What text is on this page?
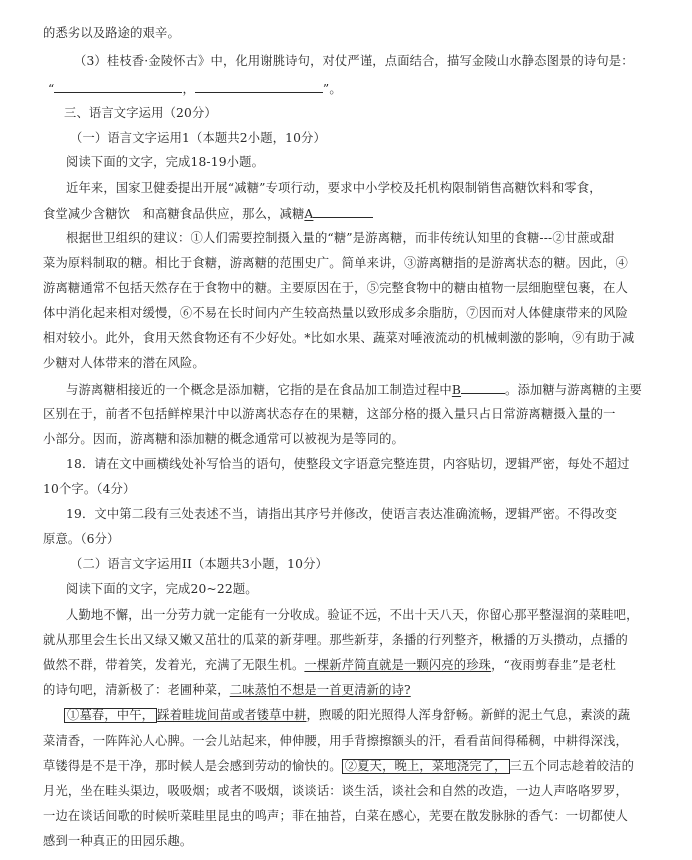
的悉劣以及路途的艰辛。
（3）桂枝香·金陵怀古》中，化用谢朓诗句，对仗严谨，点面结合，描写金陵山水静态图景的诗句是：
“	，	”。
三、语言文字运用（20分）
（一）语言文字运用1（本题共2小题，10分）
阅读下面的文字，完成18-19小题。
近年来，国家卫健委提出开展“减糖”专项行动，要求中小学校及托机构限制销售高糖饮料和零食，
食堂减少含糖饮　和高糖食品供应，那么，减糖A
根据世卫组织的建议：①人们需要控制摄入量的“糖”是游离糖，而非传统认知里的食糖---②甘蔗或甜
菜为原料制取的糖。相比于食糖，游离糖的范围史广。简单来讲，③游离糖指的是游离状态的糖。因此，④
游离糖通常不包括天然存在于食物中的糖。主要原因在于，⑤完整食物中的糖由植物一层细胞壁包裹，在人
体中消化起来相对缓慢，⑥不易在长时间内产生较高热量以致形成多余脂肪，⑦因而对人体健康带来的风险
相对较小。此外，食用天然食物还有不少好处。*比如水果、蔬菜对唾液流动的机械刺激的影响，⑨有助于减
少糖对人体带来的潜在风险。
与游离糖相接近的一个概念是添加糖，它指的是在食品加工制造过程中B	。添加糖与游离糖的主要
区别在于，前者不包括鲜榨果汁中以游离状态存在的果糖，这部分格的摄入量只占日常游离糖摄入量的一
小部分。因而，游离糖和添加糖的概念通常可以被视为是等同的。
18．请在文中画横线处补写恰当的语句，使整段文字语意完整连贯，内容贴切，逻辑严密，每处不超过
10个字。（4分）
19．文中第二段有三处表述不当，请指出其序号并修改，使语言表达准确流畅，逻辑严密。不得改变
原意。（6分）
（二）语言文字运用II（本题共3小题，10分）
阅读下面的文字，完成20~22题。
人勤地不懈，出一分劳力就一定能有一分收成。验证不远，不出十天八天，你留心那平整湿润的菜畦吧，
就从那里会生长出又绿又嫩又茁壮的瓜菜的新芽哩。那些新芽，条播的行列整齐，楸播的万头攒动，点播的
做然不群，带着笑，发着光，充满了无限生机。一棵新芹简直就是一颗闪亮的珍珠，“夜雨剪春韭”是老杜
的诗句吧，清新极了：老圃种菜，二味蒸怕不想是一首更清新的诗?
①墓春，中午， 踩着畦垅间苗或者镂草中耕，煦暖的阳光照得人浑身舒畅。新鲜的泥土气息，素淡的蔬
菜清香，一阵阵沁人心脾。一会儿站起来，伸伸腰，用手背擦擦额头的汗，看看苗间得稀稠，中耕得深浅，
草镂得是不是干净，那时候人是会感到劳动的愉快的。 ②夏天，晚上，菜地浇完了， 三五个同志趁着皎洁的
月光，坐在畦头渠边，吸吸烟；或者不吸烟，谈谈话：谈生活，谈社会和自然的改造，一边人声咯咯罗罗，
一边在谈话间歌的时候听菜畦里昆虫的鸣声；菲在抽苔，白菜在感心，芜要在散发脉脉的香气：一切都使人
感到一种真正的田园乐趣。
